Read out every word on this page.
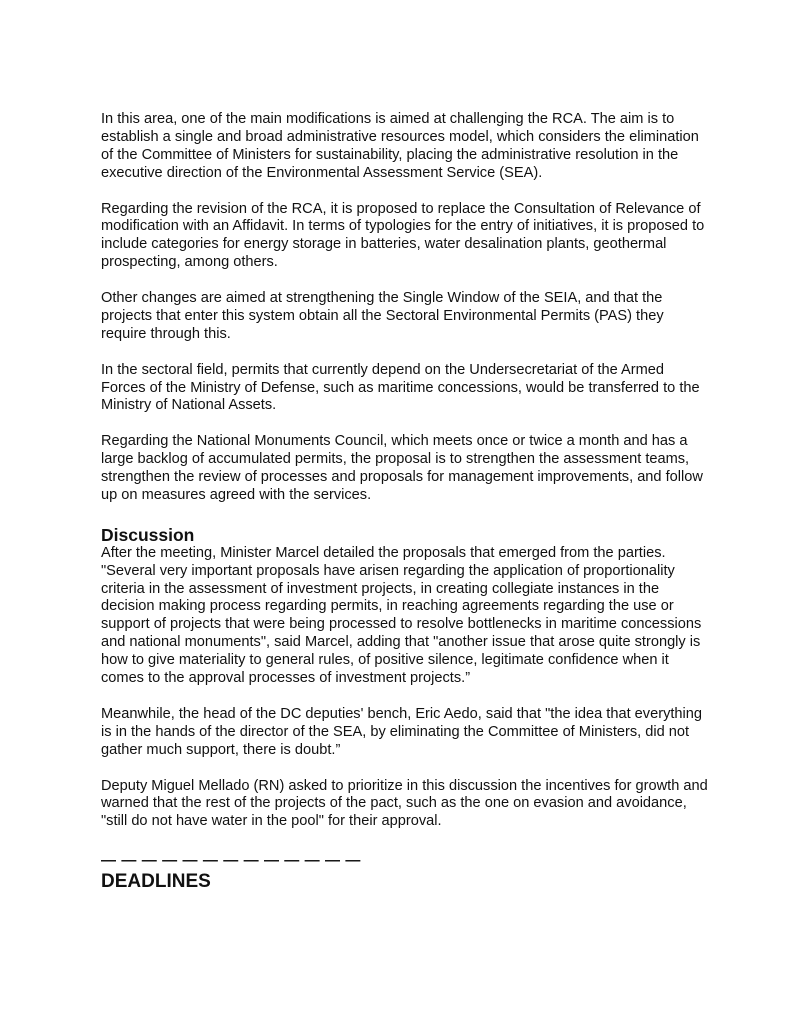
In this area, one of the main modifications is aimed at challenging the RCA. The aim is to establish a single and broad administrative resources model, which considers the elimination of the Committee of Ministers for sustainability, placing the administrative resolution in the executive direction of the Environmental Assessment Service (SEA).

Regarding the revision of the RCA, it is proposed to replace the Consultation of Relevance of modification with an Affidavit. In terms of typologies for the entry of initiatives, it is proposed to include categories for energy storage in batteries, water desalination plants, geothermal prospecting, among others.

Other changes are aimed at strengthening the Single Window of the SEIA, and that the projects that enter this system obtain all the Sectoral Environmental Permits (PAS) they require through this.

In the sectoral field, permits that currently depend on the Undersecretariat of the Armed Forces of the Ministry of Defense, such as maritime concessions, would be transferred to the Ministry of National Assets.

Regarding the National Monuments Council, which meets once or twice a month and has a large backlog of accumulated permits, the proposal is to strengthen the assessment teams, strengthen the review of processes and proposals for management improvements, and follow up on measures agreed with the services.

Discussion

After the meeting, Minister Marcel detailed the proposals that emerged from the parties. "Several very important proposals have arisen regarding the application of proportionality criteria in the assessment of investment projects, in creating collegiate instances in the decision making process regarding permits, in reaching agreements regarding the use or support of projects that were being processed to resolve bottlenecks in maritime concessions and national monuments", said Marcel, adding that "another issue that arose quite strongly is how to give materiality to general rules, of positive silence, legitimate confidence when it comes to the approval processes of investment projects.”

Meanwhile, the head of the DC deputies' bench, Eric Aedo, said that "the idea that everything is in the hands of the director of the SEA, by eliminating the Committee of Ministers, did not gather much support, there is doubt.”

Deputy Miguel Mellado (RN) asked to prioritize in this discussion the incentives for growth and warned that the rest of the projects of the pact, such as the one on evasion and avoidance, "still do not have water in the pool" for their approval.

— — — — — — — — — — — — —
DEADLINES
